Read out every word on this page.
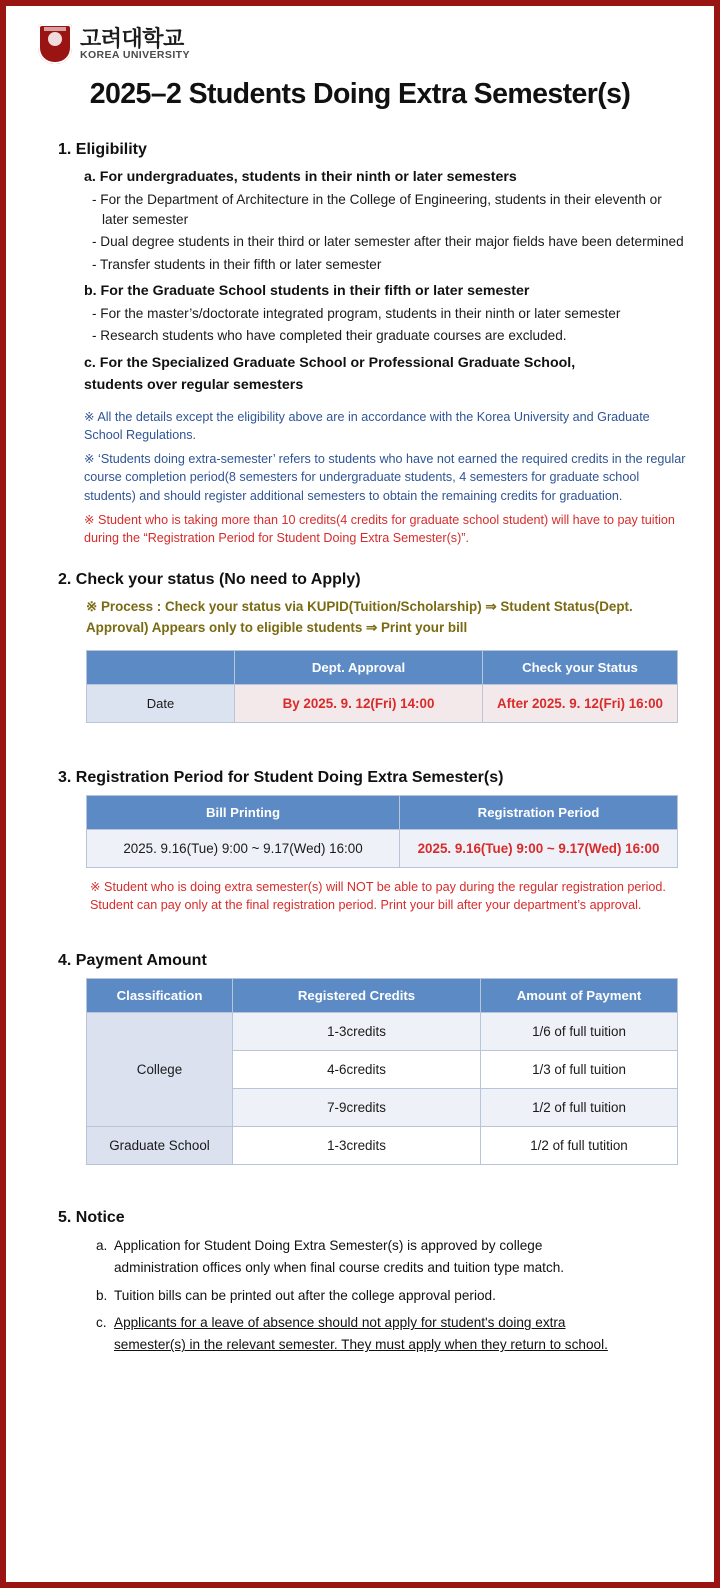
고려대학교
KOREA UNIVERSITY
2025–2 Students Doing Extra Semester(s)
1. Eligibility
a. For undergraduates, students in their ninth or later semesters
- For the Department of Architecture in the College of Engineering, students in their eleventh or later semester
- Dual degree students in their third or later semester after their major fields have been determined
- Transfer students in their fifth or later semester
b. For the Graduate School students in their fifth or later semester
- For the master’s/doctorate integrated program, students in their ninth or later semester
- Research students who have completed their graduate courses are excluded.
c. For the Specialized Graduate School or Professional Graduate School,
students over regular semesters
※ All the details except the eligibility above are in accordance with the Korea University and Graduate School Regulations.
※ ‘Students doing extra-semester’ refers to students who have not earned the required credits in the regular course completion period(8 semesters for undergraduate students, 4 semesters for graduate school students) and should register additional semesters to obtain the remaining credits for graduation.
※ Student who is taking more than 10 credits(4 credits for graduate school student) will have to pay tuition during the “Registration Period for Student Doing Extra Semester(s)”.
2. Check your status (No need to Apply)
※ Process : Check your status via KUPID(Tuition/Scholarship) ⇒ Student Status(Dept. Approval) Appears only to eligible students ⇒ Print your bill
	Dept. Approval	Check your Status
Date	By 2025. 9. 12(Fri) 14:00	After 2025. 9. 12(Fri) 16:00
3. Registration Period for Student Doing Extra Semester(s)
Bill Printing	Registration Period
2025. 9.16(Tue) 9:00 ~ 9.17(Wed) 16:00	2025. 9.16(Tue) 9:00 ~ 9.17(Wed) 16:00
※ Student who is doing extra semester(s) will NOT be able to pay during the regular registration period. Student can pay only at the final registration period. Print your bill after your department’s approval.
4. Payment Amount
Classification	Registered Credits	Amount of Payment
College	1-3credits	1/6 of full tuition
	4-6credits	1/3 of full tuition
	7-9credits	1/2 of full tuition
Graduate School	1-3credits	1/2 of full tutition
5. Notice
a. Application for Student Doing Extra Semester(s) is approved by college
administration offices only when final course credits and tuition type match.
b. Tuition bills can be printed out after the college approval period.
c. Applicants for a leave of absence should not apply for student's doing extra
semester(s) in the relevant semester. They must apply when they return to school.
